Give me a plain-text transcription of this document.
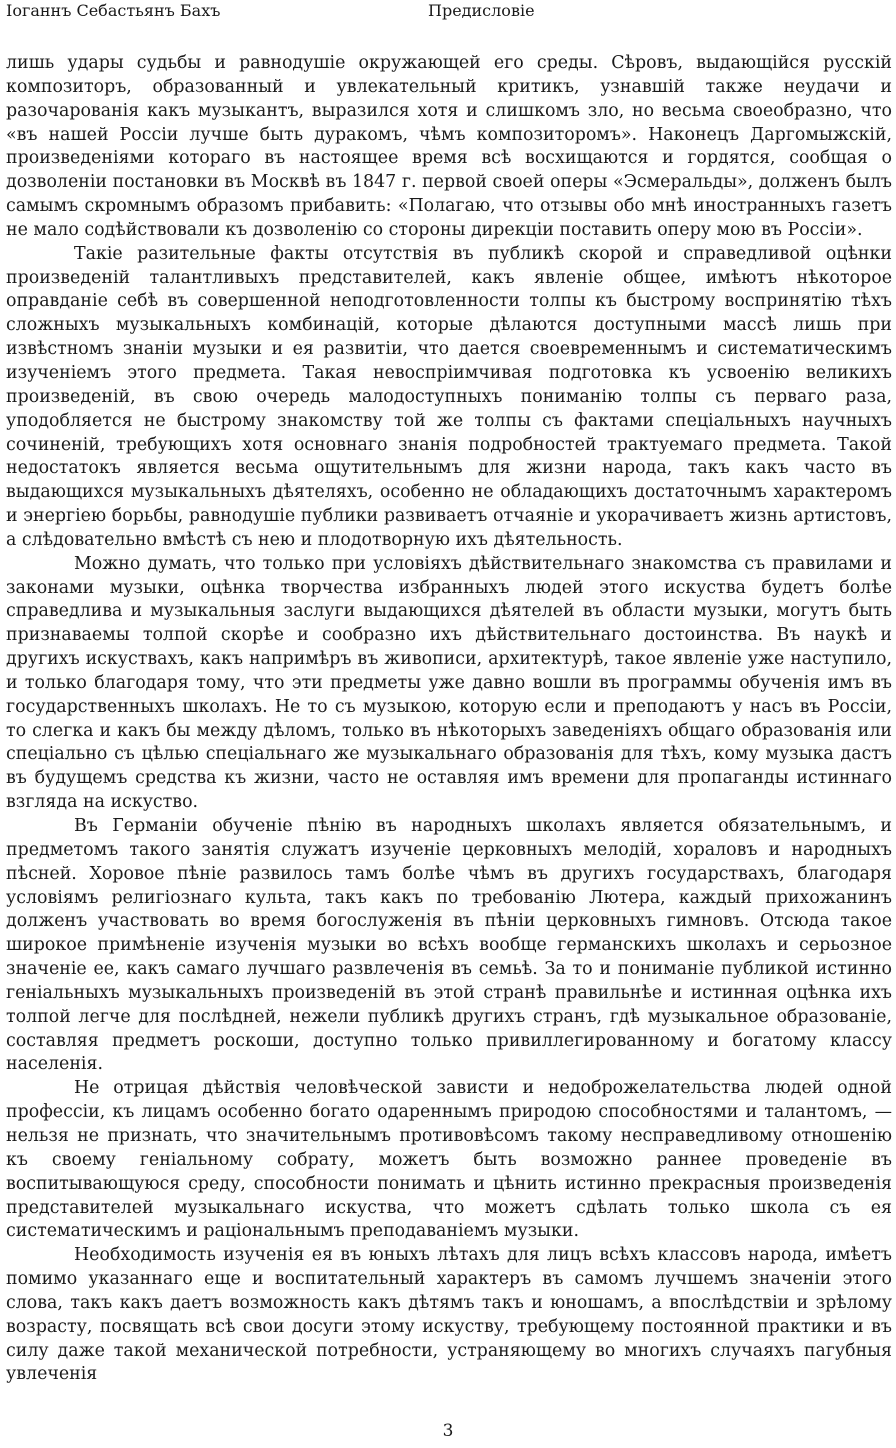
Іоганнъ Себастьянъ Бахъ	Предисловіе

лишь удары судьбы и равнодушіе окружающей его среды. Сѣровъ, выдающійся русскій композиторъ, образованный и увлекательный критикъ, узнавшій также неудачи и разочарованія какъ музыкантъ, выразился хотя и слишкомъ зло, но весьма своеобразно, что «въ нашей Россіи лучше быть дуракомъ, чѣмъ композиторомъ». Наконецъ Даргомыжскій, произведеніями котораго въ настоящее время всѣ восхищаются и гордятся, сообщая о дозволеніи постановки въ Москвѣ въ 1847 г. первой своей оперы «Эсмеральды», долженъ былъ самымъ скромнымъ образомъ прибавить: «Полагаю, что отзывы обо мнѣ иностранныхъ газетъ не мало содѣйствовали къ дозволенію со стороны дирекціи поставить оперу мою въ Россіи».

Такіе разительные факты отсутствія въ публикѣ скорой и справедливой оцѣнки произведеній талантливыхъ представителей, какъ явленіе общее, имѣютъ нѣкоторое оправданіе себѣ въ совершенной неподготовленности толпы къ быстрому воспринятію тѣхъ сложныхъ музыкальныхъ комбинацій, которые дѣлаются доступными массѣ лишь при извѣстномъ знаніи музыки и ея развитіи, что дается своевременнымъ и систематическимъ изученіемъ этого предмета. Такая невоспріимчивая подготовка къ усвоенію великихъ произведеній, въ свою очередь малодоступныхъ пониманію толпы съ перваго раза, уподобляется не быстрому знакомству той же толпы съ фактами спеціальныхъ научныхъ сочиненій, требующихъ хотя основнаго знанія подробностей трактуемаго предмета. Такой недостатокъ является весьма ощутительнымъ для жизни народа, такъ какъ часто въ выдающихся музыкальныхъ дѣятеляхъ, особенно не обладающихъ достаточнымъ характеромъ и энергіею борьбы, равнодушіе публики развиваетъ отчаяніе и укорачиваетъ жизнь артистовъ, а слѣдовательно вмѣстѣ съ нею и плодотворную ихъ дѣятельность.

Можно думать, что только при условіяхъ дѣйствительнаго знакомства съ правилами и законами музыки, оцѣнка творчества избранныхъ людей этого искуства будетъ болѣе справедлива и музыкальныя заслуги выдающихся дѣятелей въ области музыки, могутъ быть признаваемы толпой скорѣе и сообразно ихъ дѣйствительнаго достоинства. Въ наукѣ и другихъ искуствахъ, какъ напримѣръ въ живописи, архитектурѣ, такое явленіе уже наступило, и только благодаря тому, что эти предметы уже давно вошли въ программы обученія имъ въ государственныхъ школахъ. Не то съ музыкою, которую если и преподаютъ у насъ въ Россіи, то слегка и какъ бы между дѣломъ, только въ нѣкоторыхъ заведеніяхъ общаго образованія или спеціально съ цѣлью спеціальнаго же музыкальнаго образованія для тѣхъ, кому музыка дастъ въ будущемъ средства къ жизни, часто не оставляя имъ времени для пропаганды истиннаго взгляда на искуство.

Въ Германіи обученіе пѣнію въ народныхъ школахъ является обязательнымъ, и предметомъ такого занятія служатъ изученіе церковныхъ мелодій, хораловъ и народныхъ пѣсней. Хоровое пѣніе развилось тамъ болѣе чѣмъ въ другихъ государствахъ, благодаря условіямъ религіознаго культа, такъ какъ по требованію Лютера, каждый прихожанинъ долженъ участвовать во время богослуженія въ пѣніи церковныхъ гимновъ. Отсюда такое широкое примѣненіе изученія музыки во всѣхъ вообще германскихъ школахъ и серьозное значеніе ее, какъ самаго лучшаго развлеченія въ семьѣ. За то и пониманіе публикой истинно геніальныхъ музыкальныхъ произведеній въ этой странѣ правильнѣе и истинная оцѣнка ихъ толпой легче для послѣдней, нежели публикѣ другихъ странъ, гдѣ музыкальное образованіе, составляя предметъ роскоши, доступно только привиллегированному и богатому классу населенія.

Не отрицая дѣйствія человѣческой зависти и недоброжелательства людей одной профессіи, къ лицамъ особенно богато одареннымъ природою способностями и талантомъ, — нельзя не признать, что значительнымъ противовѣсомъ такому несправедливому отношенію къ своему геніальному собрату, можетъ быть возможно раннее проведеніе въ воспитывающуюся среду, способности понимать и цѣнить истинно прекрасныя произведенія представителей музыкальнаго искуства, что можетъ сдѣлать только школа съ ея систематическимъ и раціональнымъ преподаваніемъ музыки.

Необходимость изученія ея въ юныхъ лѣтахъ для лицъ всѣхъ классовъ народа, имѣетъ помимо указаннаго еще и воспитательный характеръ въ самомъ лучшемъ значеніи этого слова, такъ какъ даетъ возможность какъ дѣтямъ такъ и юношамъ, а впослѣдствіи и зрѣлому возрасту, посвящать всѣ свои досуги этому искуству, требующему постоянной практики и въ силу даже такой механической потребности, устраняющему во многихъ случаяхъ пагубныя увлеченія

3
